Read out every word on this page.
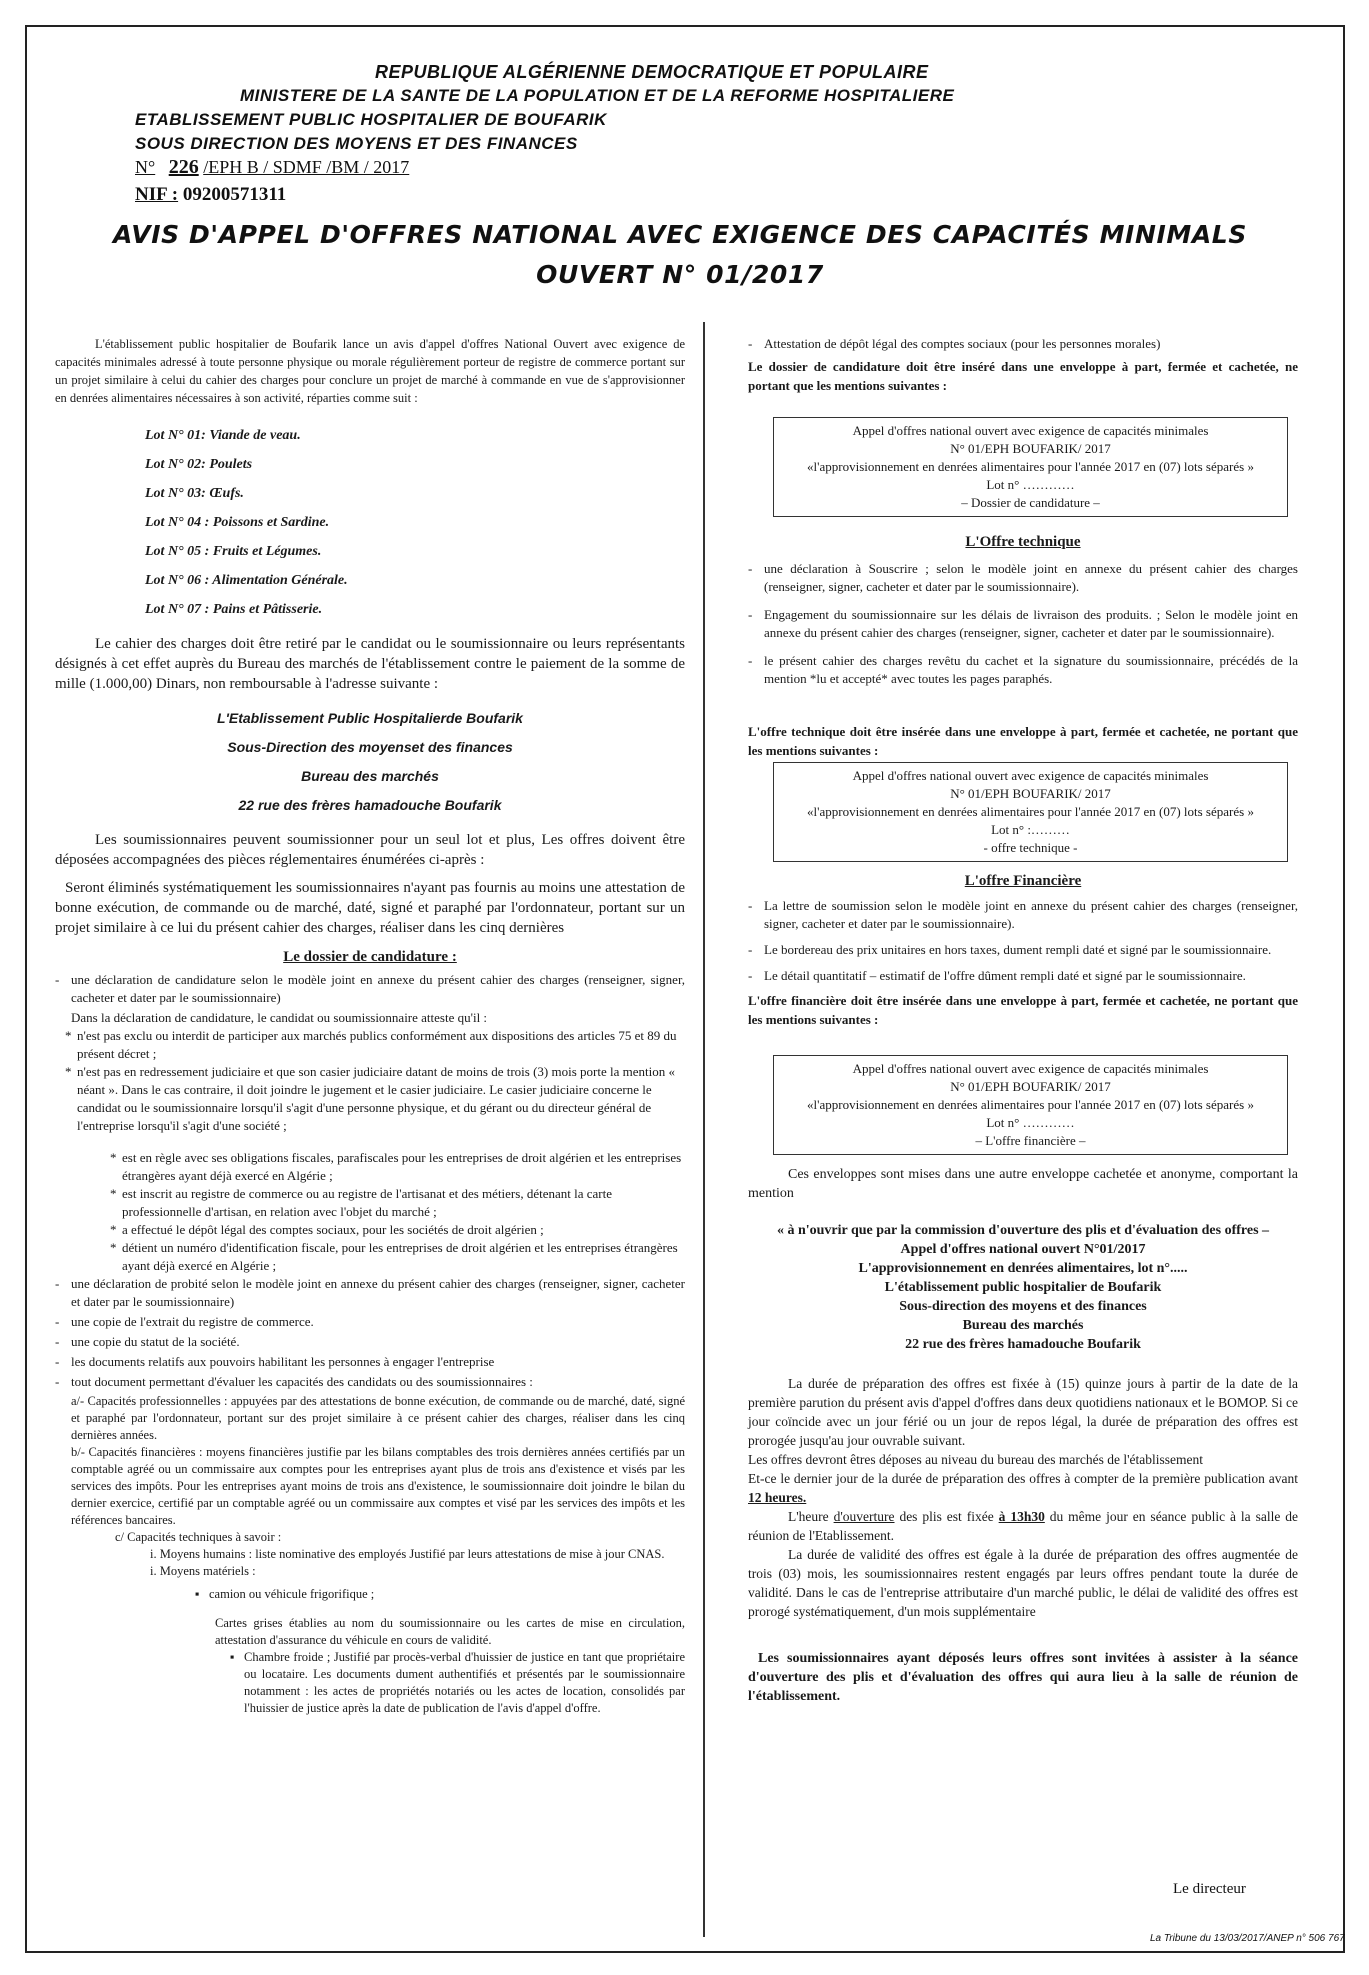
REPUBLIQUE ALGÉRIENNE DEMOCRATIQUE ET POPULAIRE
MINISTERE DE LA SANTE DE LA POPULATION ET DE LA REFORME HOSPITALIERE
ETABLISSEMENT PUBLIC HOSPITALIER DE BOUFARIK
SOUS DIRECTION DES MOYENS ET DES FINANCES
N° 226 /EPH B / SDMF /BM / 2017
NIF : 09200571311
AVIS D'APPEL D'OFFRES NATIONAL AVEC EXIGENCE DES CAPACITÉS MINIMALS
OUVERT N° 01/2017

L'établissement public hospitalier de Boufarik lance un avis d'appel d'offres National Ouvert avec exigence de capacités minimales adressé à toute personne physique ou morale régulièrement porteur de registre de commerce portant sur un projet similaire à celui du cahier des charges pour conclure un projet de marché à commande en vue de s'approvisionner en denrées alimentaires nécessaires à son activité, réparties comme suit :

Lot N° 01: Viande de veau.
Lot N° 02: Poulets
Lot N° 03: Œufs.
Lot N° 04 : Poissons et Sardine.
Lot N° 05 : Fruits et Légumes.
Lot N° 06 : Alimentation Générale.
Lot N° 07 : Pains et Pâtisserie.

Le cahier des charges doit être retiré par le candidat ou le soumissionnaire ou leurs représentants désignés à cet effet auprès du Bureau des marchés de l'établissement contre le paiement de la somme de mille (1.000,00) Dinars, non remboursable à l'adresse suivante :

L'Etablissement Public Hospitalierde Boufarik
Sous-Direction des moyenset des finances
Bureau des marchés
22 rue des frères hamadouche Boufarik

Les soumissionnaires peuvent soumissionner pour un seul lot et plus, Les offres doivent être déposées accompagnées des pièces réglementaires énumérées ci-après :

Seront éliminés systématiquement les soumissionnaires n'ayant pas fournis au moins une attestation de bonne exécution, de commande ou de marché, daté, signé et paraphé par l'ordonnateur, portant sur un projet similaire à ce lui du présent cahier des charges, réaliser dans les cinq dernières

Le dossier de candidature :
- une déclaration de candidature selon le modèle joint en annexe du présent cahier des charges (renseigner, signer, cacheter et dater par le soumissionnaire)
Dans la déclaration de candidature, le candidat ou soumissionnaire atteste qu'il :
* n'est pas exclu ou interdit de participer aux marchés publics conformément aux dispositions des articles 75 et 89 du présent décret ;
* n'est pas en redressement judiciaire et que son casier judiciaire datant de moins de trois (3) mois porte la mention « néant ». Dans le cas contraire, il doit joindre le jugement et le casier judiciaire. Le casier judiciaire concerne le candidat ou le soumissionnaire lorsqu'il s'agit d'une personne physique, et du gérant ou du directeur général de l'entreprise lorsqu'il s'agit d'une société ;
* est en règle avec ses obligations fiscales, parafiscales pour les entreprises de droit algérien et les entreprises étrangères ayant déjà exercé en Algérie ;
* est inscrit au registre de commerce ou au registre de l'artisanat et des métiers, détenant la carte professionnelle d'artisan, en relation avec l'objet du marché ;
* a effectué le dépôt légal des comptes sociaux, pour les sociétés de droit algérien ;
* détient un numéro d'identification fiscale, pour les entreprises de droit algérien et les entreprises étrangères ayant déjà exercé en Algérie ;
- une déclaration de probité selon le modèle joint en annexe du présent cahier des charges (renseigner, signer, cacheter et dater par le soumissionnaire)
- une copie de l'extrait du registre de commerce.
- une copie du statut de la société.
- les documents relatifs aux pouvoirs habilitant les personnes à engager l'entreprise
- tout document permettant d'évaluer les capacités des candidats ou des soumissionnaires :
a/- Capacités professionnelles : appuyées par des attestations de bonne exécution, de commande ou de marché, daté, signé et paraphé par l'ordonnateur, portant sur des projet similaire à ce présent cahier des charges, réaliser dans les cinq dernières années.
b/- Capacités financières : moyens financières justifie par les bilans comptables des trois dernières années certifiés par un comptable agréé ou un commissaire aux comptes pour les entreprises ayant plus de trois ans d'existence et visés par les services des impôts. Pour les entreprises ayant moins de trois ans d'existence, le soumissionnaire doit joindre le bilan du dernier exercice, certifié par un comptable agréé ou un commissaire aux comptes et visé par les services des impôts et les références bancaires.
c/ Capacités techniques à savoir :
i. Moyens humains : liste nominative des employés Justifié par leurs attestations de mise à jour CNAS.
i. Moyens matériels :
▪ camion ou véhicule frigorifique ;
Cartes grises établies au nom du soumissionnaire ou les cartes de mise en circulation, attestation d'assurance du véhicule en cours de validité.
▪ Chambre froide ; Justifié par procès-verbal d'huissier de justice en tant que propriétaire ou locataire. Les documents dument authentifiés et présentés par le soumissionnaire notamment : les actes de propriétés notariés ou les actes de location, consolidés par l'huissier de justice après la date de publication de l'avis d'appel d'offre.
- Attestation de dépôt légal des comptes sociaux (pour les personnes morales)

Le dossier de candidature doit être inséré dans une enveloppe à part, fermée et cachetée, ne portant que les mentions suivantes :

Appel d'offres national ouvert avec exigence de capacités minimales
N° 01/EPH BOUFARIK/ 2017
«l'approvisionnement en denrées alimentaires pour l'année 2017 en (07) lots séparés »
Lot n° …………
– Dossier de candidature –
L'Offre technique
- une déclaration à Souscrire ; selon le modèle joint en annexe du présent cahier des charges (renseigner, signer, cacheter et dater par le soumissionnaire).
- Engagement du soumissionnaire sur les délais de livraison des produits. ; Selon le modèle joint en annexe du présent cahier des charges (renseigner, signer, cacheter et dater par le soumissionnaire).
- le présent cahier des charges revêtu du cachet et la signature du soumissionnaire, précédés de la mention *lu et accepté* avec toutes les pages paraphés.

L'offre technique doit être insérée dans une enveloppe à part, fermée et cachetée, ne portant que les mentions suivantes :

Appel d'offres national ouvert avec exigence de capacités minimales
N° 01/EPH BOUFARIK/ 2017
«l'approvisionnement en denrées alimentaires pour l'année 2017 en (07) lots séparés »
Lot n° :………
- offre technique -
L'offre Financière
- La lettre de soumission selon le modèle joint en annexe du présent cahier des charges (renseigner, signer, cacheter et dater par le soumissionnaire).
- Le bordereau des prix unitaires en hors taxes, dument rempli daté et signé par le soumissionnaire.
- Le détail quantitatif – estimatif de l'offre dûment rempli daté et signé par le soumissionnaire.

L'offre financière doit être insérée dans une enveloppe à part, fermée et cachetée, ne portant que les mentions suivantes :

Appel d'offres national ouvert avec exigence de capacités minimales
N° 01/EPH BOUFARIK/ 2017
«l'approvisionnement en denrées alimentaires pour l'année 2017 en (07) lots séparés »
Lot n° …………
– L'offre financière –

Ces enveloppes sont mises dans une autre enveloppe cachetée et anonyme, comportant la mention

« à n'ouvrir que par la commission d'ouverture des plis et d'évaluation des offres –
Appel d'offres national ouvert N°01/2017
L'approvisionnement en denrées alimentaires, lot n°.....
L'établissement public hospitalier de Boufarik
Sous-direction des moyens et des finances
Bureau des marchés
22 rue des frères hamadouche Boufarik

La durée de préparation des offres est fixée à (15) quinze jours à partir de la date de la première parution du présent avis d'appel d'offres dans deux quotidiens nationaux et le BOMOP. Si ce jour coïncide avec un jour férié ou un jour de repos légal, la durée de préparation des offres est prorogée jusqu'au jour ouvrable suivant.

Les offres devront êtres déposes au niveau du bureau des marchés de l'établissement

Et-ce le dernier jour de la durée de préparation des offres à compter de la première publication avant 12 heures.

L'heure d'ouverture des plis est fixée à 13h30 du même jour en séance public à la salle de réunion de l'Etablissement.

La durée de validité des offres est égale à la durée de préparation des offres augmentée de trois (03) mois, les soumissionnaires restent engagés par leurs offres pendant toute la durée de validité. Dans le cas de l'entreprise attributaire d'un marché public, le délai de validité des offres est prorogé systématiquement, d'un mois supplémentaire

Les soumissionnaires ayant déposés leurs offres sont invitées à assister à la séance d'ouverture des plis et d'évaluation des offres qui aura lieu à la salle de réunion de l'établissement.

Le directeur
La Tribune du 13/03/2017/ANEP n° 506 767
